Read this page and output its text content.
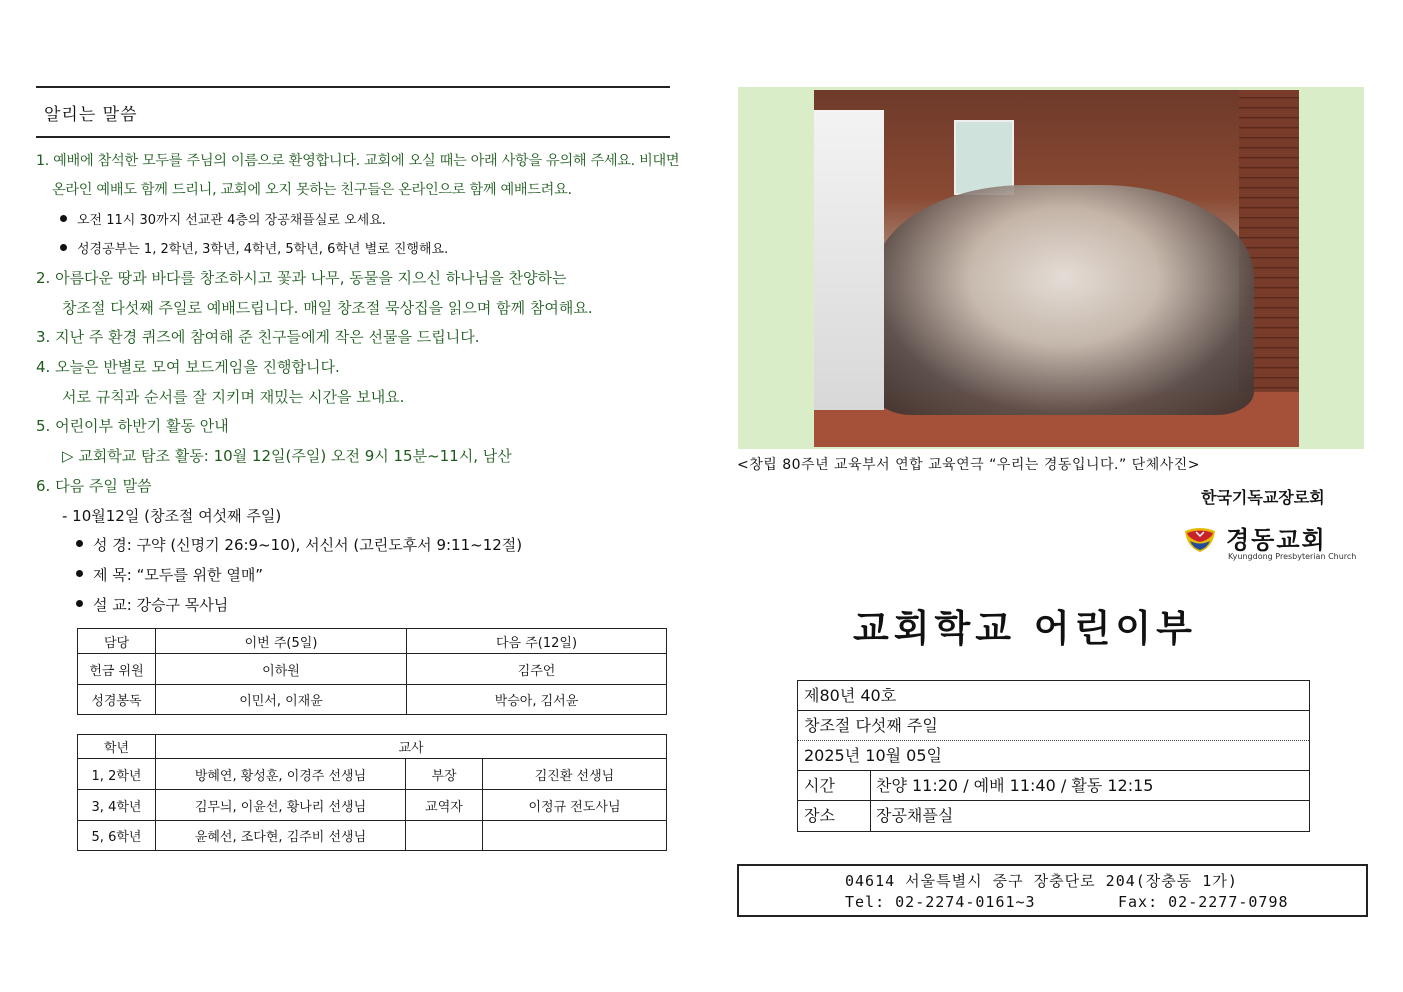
알리는 말씀
1. 예배에 참석한 모두를 주님의 이름으로 환영합니다. 교회에 오실 때는 아래 사항을 유의해 주세요. 비대면
온라인 예배도 함께 드리니, 교회에 오지 못하는 친구들은 온라인으로 함께 예배드려요.
오전 11시 30까지 선교관 4층의 장공채플실로 오세요.
성경공부는 1, 2학년, 3학년, 4학년, 5학년, 6학년 별로 진행해요.
2. 아름다운 땅과 바다를 창조하시고 꽃과 나무, 동물을 지으신 하나님을 찬양하는
창조절 다섯째 주일로 예배드립니다. 매일 창조절 묵상집을 읽으며 함께 참여해요.
3. 지난 주 환경 퀴즈에 참여해 준 친구들에게 작은 선물을 드립니다.
4. 오늘은 반별로 모여 보드게임을 진행합니다.
서로 규칙과 순서를 잘 지키며 재밌는 시간을 보내요.
5. 어린이부 하반기 활동 안내
▷ 교회학교 탐조 활동: 10월 12일(주일) 오전 9시 15분~11시, 남산
6. 다음 주일 말씀
- 10월12일 (창조절 여섯째 주일)
성 경: 구약 (신명기 26:9~10), 서신서 (고린도후서 9:11~12절)
제 목: “모두를 위한 열매”
설 교: 강승구 목사님
담당	이번 주(5일)	다음 주(12일)
헌금 위원	이하원	김주언
성경봉독	이민서, 이재윤	박승아, 김서윤
학년	교사		
1, 2학년	방혜연, 황성훈, 이경주 선생님	부장	김진환 선생님
3, 4학년	김무늬, 이윤선, 황나리 선생님	교역자	이정규 전도사님
5, 6학년	윤혜선, 조다현, 김주비 선생님		
<창립 80주년 교육부서 연합 교육연극 “우리는 경동입니다.” 단체사진>
한국기독교장로회
경동교회
Kyungdong Presbyterian Church
교회학교 어린이부
제80년 40호
창조절 다섯째 주일
2025년 10월 05일
시간	찬양 11:20 / 예배 11:40 / 활동 12:15
장소	장공채플실
04614 서울특별시 중구 장충단로 204(장충동 1가)
Tel: 02-2274-0161~3	Fax: 02-2277-0798
